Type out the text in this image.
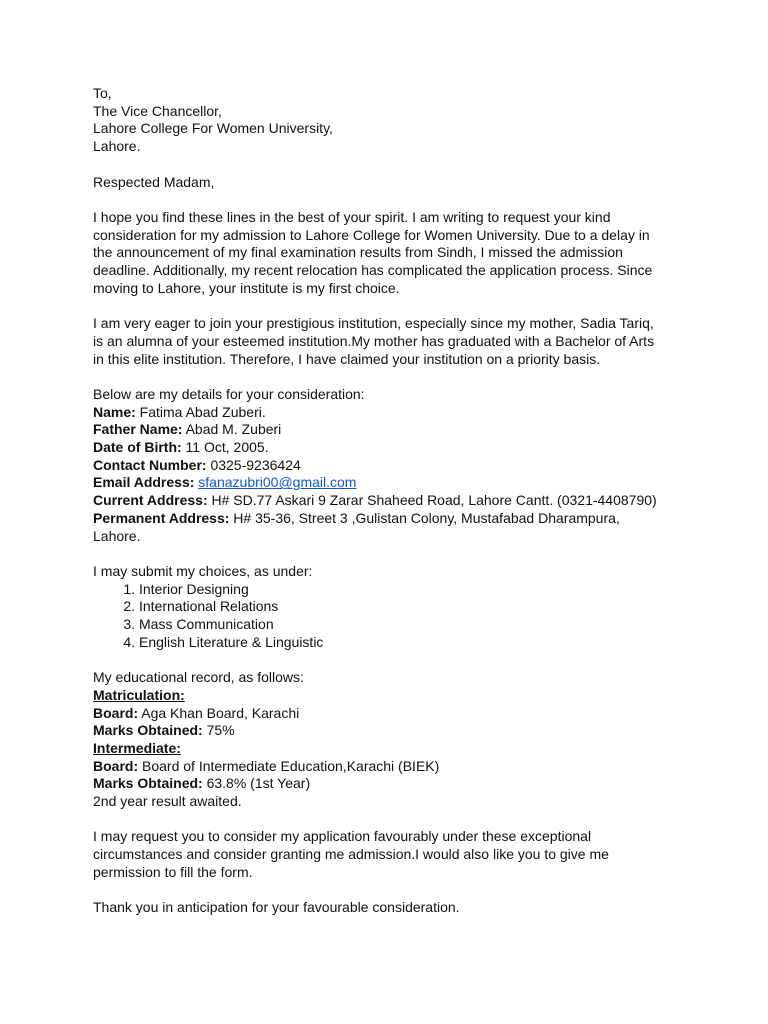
To,
The Vice Chancellor,
Lahore College For Women University,
Lahore.
Respected Madam,
I hope you find these lines in the best of your spirit. I am writing to request your kind
consideration for my admission to Lahore College for Women University. Due to a delay in
the announcement of my final examination results from Sindh, I missed the admission
deadline. Additionally, my recent relocation has complicated the application process. Since
moving to Lahore, your institute is my first choice.
I am very eager to join your prestigious institution, especially since my mother, Sadia Tariq,
is an alumna of your esteemed institution.My mother has graduated with a Bachelor of Arts
in this elite institution. Therefore, I have claimed your institution on a priority basis.
Below are my details for your consideration:
Name: Fatima Abad Zuberi.
Father Name: Abad M. Zuberi
Date of Birth: 11 Oct, 2005.
Contact Number: 0325-9236424
Email Address: sfanazubri00@gmail.com
Current Address: H# SD.77 Askari 9 Zarar Shaheed Road, Lahore Cantt. (0321-4408790)
Permanent Address: H# 35-36, Street 3 ,Gulistan Colony, Mustafabad Dharampura,
Lahore.
I may submit my choices, as under:
1. Interior Designing
2. International Relations
3. Mass Communication
4. English Literature & Linguistic
My educational record, as follows:
Matriculation:
Board: Aga Khan Board, Karachi
Marks Obtained: 75%
Intermediate:
Board: Board of Intermediate Education,Karachi (BIEK)
Marks Obtained: 63.8% (1st Year)
2nd year result awaited.
I may request you to consider my application favourably under these exceptional
circumstances and consider granting me admission.I would also like you to give me
permission to fill the form.
Thank you in anticipation for your favourable consideration.
